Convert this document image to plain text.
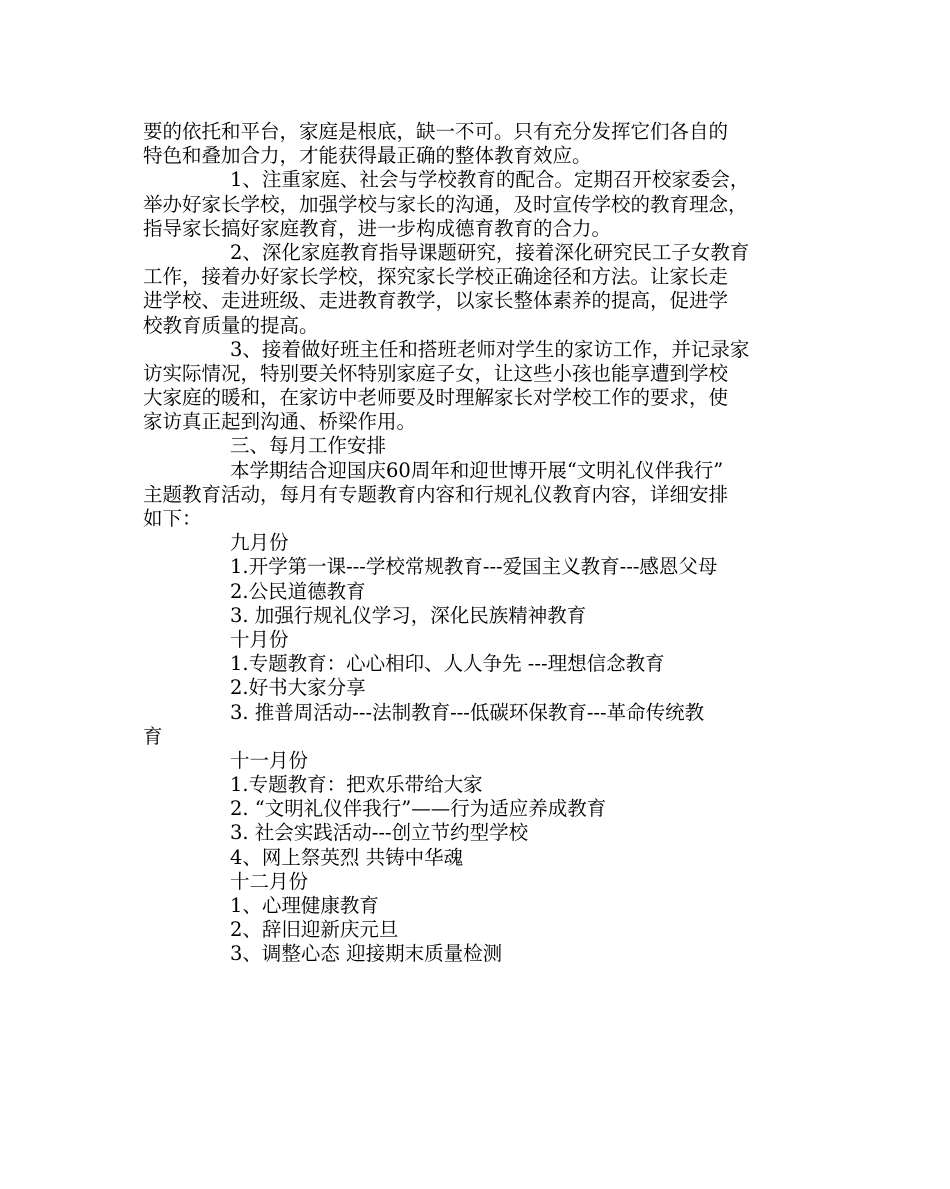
要的依托和平台，家庭是根底，缺一不可。只有充分发挥它们各自的
特色和叠加合力，才能获得最正确的整体教育效应。
1、注重家庭、社会与学校教育的配合。定期召开校家委会，
举办好家长学校，加强学校与家长的沟通，及时宣传学校的教育理念，
指导家长搞好家庭教育，进一步构成德育教育的合力。
2、深化家庭教育指导课题研究，接着深化研究民工子女教育
工作，接着办好家长学校，探究家长学校正确途径和方法。让家长走
进学校、走进班级、走进教育教学，以家长整体素养的提高，促进学
校教育质量的提高。
3、接着做好班主任和搭班老师对学生的家访工作，并记录家
访实际情况，特别要关怀特别家庭子女，让这些小孩也能享遭到学校
大家庭的暖和，在家访中老师要及时理解家长对学校工作的要求，使
家访真正起到沟通、桥梁作用。
三、每月工作安排
本学期结合迎国庆60周年和迎世博开展“文明礼仪伴我行”
主题教育活动，每月有专题教育内容和行规礼仪教育内容，详细安排
如下：
九月份
1.开学第一课---学校常规教育---爱国主义教育---感恩父母
2.公民道德教育
3. 加强行规礼仪学习，深化民族精神教育
十月份
1.专题教育：心心相印、人人争先 ---理想信念教育
2.好书大家分享
3. 推普周活动---法制教育---低碳环保教育---革命传统教
育
十一月份
1.专题教育：把欢乐带给大家
2. “文明礼仪伴我行”——行为适应养成教育
3. 社会实践活动---创立节约型学校
4、网上祭英烈 共铸中华魂
十二月份
1、心理健康教育
2、辞旧迎新庆元旦
3、调整心态 迎接期末质量检测
